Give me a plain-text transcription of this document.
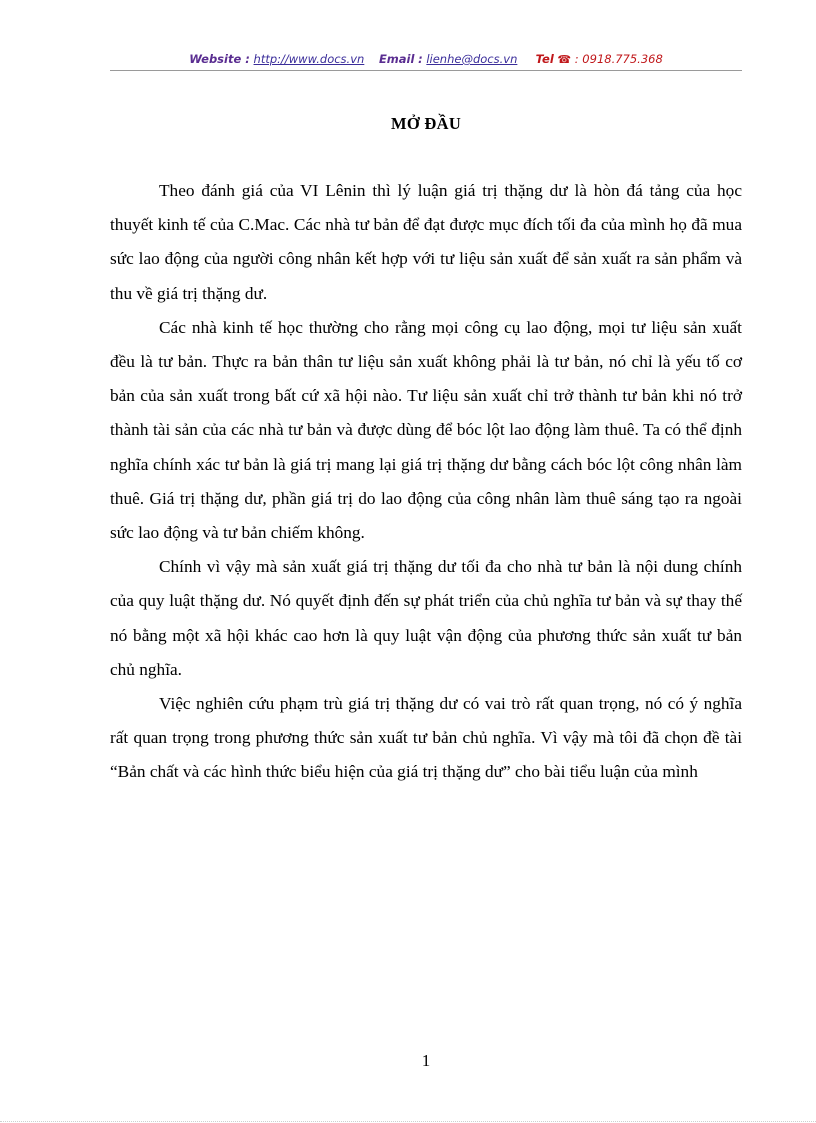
Website : http://www.docs.vn Email : lienhe@docs.vn Tel ☎ : 0918.775.368
MỞ ĐẦU

Theo đánh giá của VI Lênin thì lý luận giá trị thặng dư là hòn đá tảng của học thuyết kinh tế của C.Mac. Các nhà tư bản để đạt được mục đích tối đa của mình họ đã mua sức lao động của người công nhân kết hợp với tư liệu sản xuất để sản xuất ra sản phẩm và thu về giá trị thặng dư.

Các nhà kinh tế học thường cho rằng mọi công cụ lao động, mọi tư liệu sản xuất đều là tư bản. Thực ra bản thân tư liệu sản xuất không phải là tư bản, nó chỉ là yếu tố cơ bản của sản xuất trong bất cứ xã hội nào. Tư liệu sản xuất chỉ trở thành tư bản khi nó trở thành tài sản của các nhà tư bản và được dùng để bóc lột lao động làm thuê. Ta có thể định nghĩa chính xác tư bản là giá trị mang lại giá trị thặng dư bằng cách bóc lột công nhân làm thuê. Giá trị thặng dư, phần giá trị do lao động của công nhân làm thuê sáng tạo ra ngoài sức lao động và tư bản chiếm không.

Chính vì vậy mà sản xuất giá trị thặng dư tối đa cho nhà tư bản là nội dung chính của quy luật thặng dư. Nó quyết định đến sự phát triển của chủ nghĩa tư bản và sự thay thế nó bằng một xã hội khác cao hơn là quy luật vận động của phương thức sản xuất tư bản chủ nghĩa.

Việc nghiên cứu phạm trù giá trị thặng dư có vai trò rất quan trọng, nó có ý nghĩa rất quan trọng trong phương thức sản xuất tư bản chủ nghĩa. Vì vậy mà tôi đã chọn đề tài “Bản chất và các hình thức biểu hiện của giá trị thặng dư” cho bài tiểu luận của mình

1
